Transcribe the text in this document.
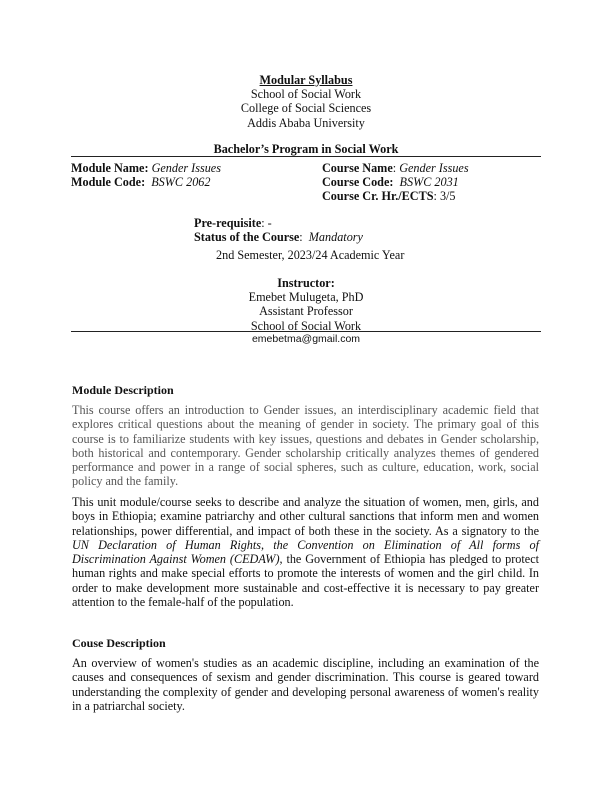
Modular Syllabus
School of Social Work
College of Social Sciences
Addis Ababa University
Bachelor’s Program in Social Work
Module Name: Gender Issues
Module Code: BSWC 2062
Course Name: Gender Issues
Course Code: BSWC 2031
Course Cr. Hr./ECTS: 3/5
Pre-requisite: -
Status of the Course: Mandatory
2nd Semester, 2023/24 Academic Year
Instructor:
Emebet Mulugeta, PhD
Assistant Professor
School of Social Work
emebetma@gmail.com
Module Description
This course offers an introduction to Gender issues, an interdisciplinary academic field that explores critical questions about the meaning of gender in society. The primary goal of this course is to familiarize students with key issues, questions and debates in Gender scholarship, both historical and contemporary. Gender scholarship critically analyzes themes of gendered performance and power in a range of social spheres, such as culture, education, work, social policy and the family.
This unit module/course seeks to describe and analyze the situation of women, men, girls, and boys in Ethiopia; examine patriarchy and other cultural sanctions that inform men and women relationships, power differential, and impact of both these in the society. As a signatory to the UN Declaration of Human Rights, the Convention on Elimination of All forms of Discrimination Against Women (CEDAW), the Government of Ethiopia has pledged to protect human rights and make special efforts to promote the interests of women and the girl child. In order to make development more sustainable and cost-effective it is necessary to pay greater attention to the female-half of the population.
Couse Description
An overview of women's studies as an academic discipline, including an examination of the causes and consequences of sexism and gender discrimination. This course is geared toward understanding the complexity of gender and developing personal awareness of women's reality in a patriarchal society.
